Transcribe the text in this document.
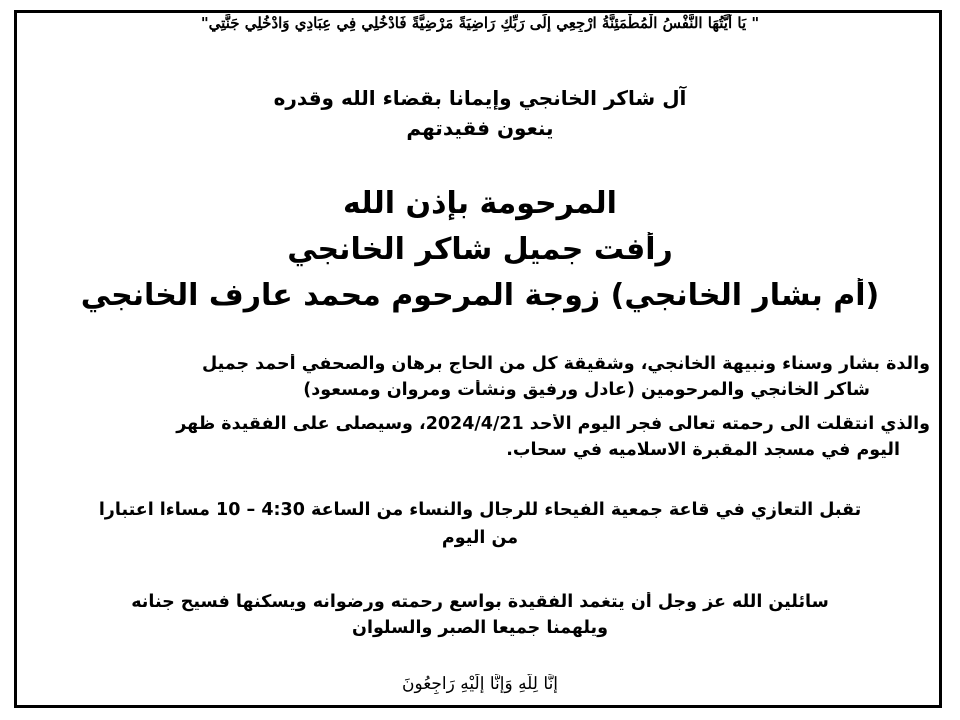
" يَا أَيَّتُهَا النَّفْسُ الْمُطْمَئِنَّةُ ارْجِعِي إِلَى رَبِّكِ رَاضِيَةً مَرْضِيَّةً فَادْخُلِي فِي عِبَادِي وَادْخُلِي جَنَّتِي"
آل شاكر الخانجي وإيمانا بقضاء الله وقدره
ينعون فقيدتهم
المرحومة بإذن الله
رأفت جميل شاكر الخانجي
(أم بشار الخانجي) زوجة المرحوم محمد عارف الخانجي
والدة بشار وسناء ونبيهة الخانجي، وشقيقة كل من الحاج برهان والصحفي أحمد جميل
شاكر الخانجي والمرحومين (عادل ورفيق ونشأت ومروان ومسعود)
والذي انتقلت الى رحمته تعالى فجر اليوم الأحد 2024/4/21، وسيصلى على الفقيدة ظهر
اليوم في مسجد المقبرة الاسلاميه في سحاب.
تقبل التعازي في قاعة جمعية الفيحاء للرجال والنساء من الساعة 4:30 – 10 مساءا اعتبارا
من اليوم
سائلين الله عز وجل أن يتغمد الفقيدة بواسع رحمته ورضوانه ويسكنها فسيح جنانه
ويلهمنا جميعا الصبر والسلوان
إِنَّا لِلَّهِ وَإِنَّا إِلَيْهِ رَاجِعُونَ
